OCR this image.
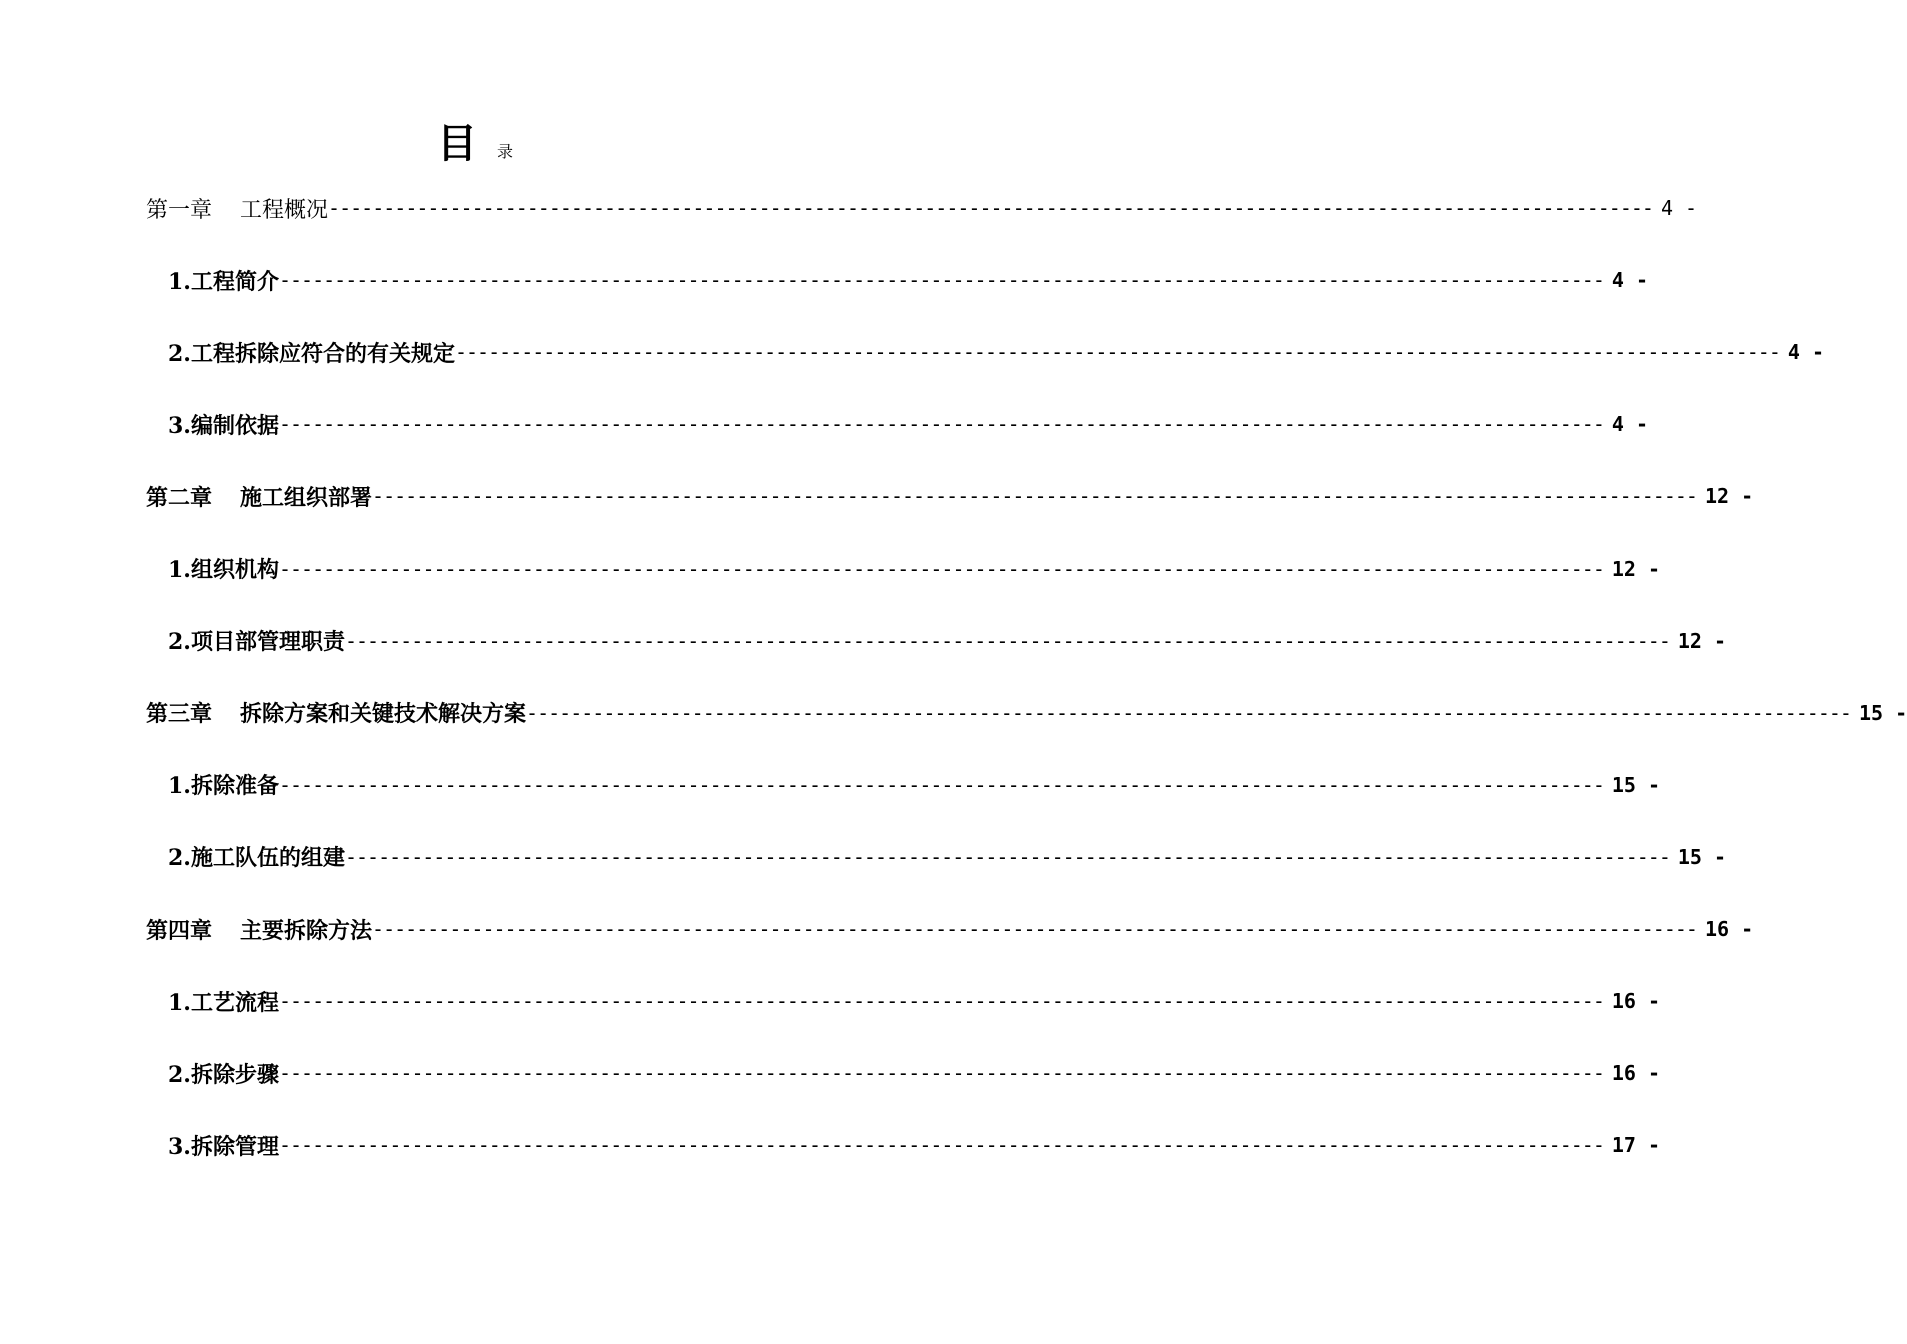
目 录
第一章 工程概况 ------------------------------------------------------------------------------------------------------------------------ 4 -
1.工程简介 ------------------------------------------------------------------------------------------------------------------------ 4 -
2.工程拆除应符合的有关规定 ------------------------------------------------------------------------------------------------------------------------ 4 -
3.编制依据 ------------------------------------------------------------------------------------------------------------------------ 4 -
第二章 施工组织部署 ------------------------------------------------------------------------------------------------------------------------ 12 -
1.组织机构 ------------------------------------------------------------------------------------------------------------------------ 12 -
2.项目部管理职责 ------------------------------------------------------------------------------------------------------------------------ 12 -
第三章 拆除方案和关键技术解决方案 ------------------------------------------------------------------------------------------------------------------------ 15 -
1.拆除准备 ------------------------------------------------------------------------------------------------------------------------ 15 -
2.施工队伍的组建 ------------------------------------------------------------------------------------------------------------------------ 15 -
第四章 主要拆除方法 ------------------------------------------------------------------------------------------------------------------------ 16 -
1.工艺流程 ------------------------------------------------------------------------------------------------------------------------ 16 -
2.拆除步骤 ------------------------------------------------------------------------------------------------------------------------ 16 -
3.拆除管理 ------------------------------------------------------------------------------------------------------------------------ 17 -
